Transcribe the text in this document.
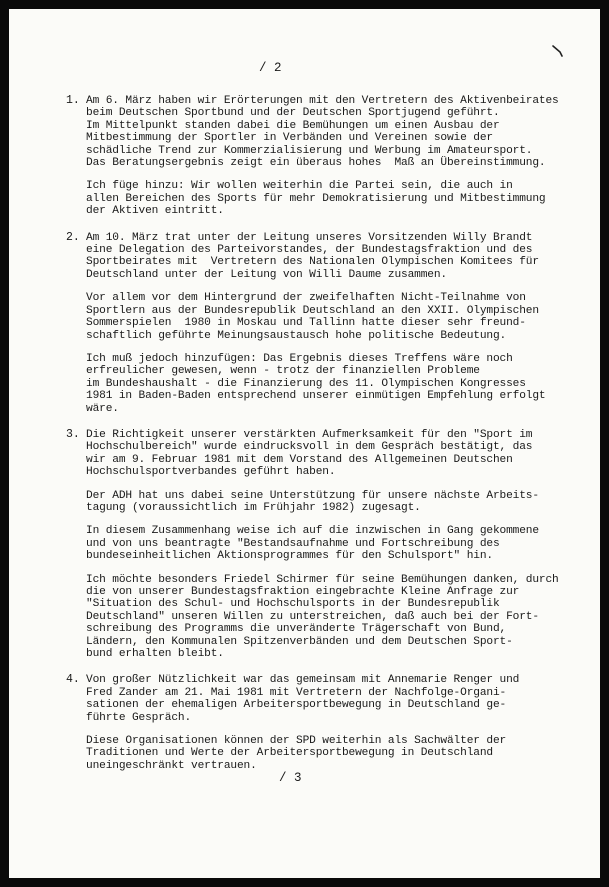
/ 2
1. Am 6. März haben wir Erörterungen mit den Vertretern des Aktivenbeirates
beim Deutschen Sportbund und der Deutschen Sportjugend geführt.
Im Mittelpunkt standen dabei die Bemühungen um einen Ausbau der
Mitbestimmung der Sportler in Verbänden und Vereinen sowie der
schädliche Trend zur Kommerzialisierung und Werbung im Amateursport.
Das Beratungsergebnis zeigt ein überaus hohes  Maß an Übereinstimmung.

Ich füge hinzu: Wir wollen weiterhin die Partei sein, die auch in
allen Bereichen des Sports für mehr Demokratisierung und Mitbestimmung
der Aktiven eintritt.

2. Am 10. März trat unter der Leitung unseres Vorsitzenden Willy Brandt
eine Delegation des Parteivorstandes, der Bundestagsfraktion und des
Sportbeirates mit  Vertretern des Nationalen Olympischen Komitees für
Deutschland unter der Leitung von Willi Daume zusammen.

Vor allem vor dem Hintergrund der zweifelhaften Nicht-Teilnahme von
Sportlern aus der Bundesrepublik Deutschland an den XXII. Olympischen
Sommerspielen  1980 in Moskau und Tallinn hatte dieser sehr freund-
schaftlich geführte Meinungsaustausch hohe politische Bedeutung.

Ich muß jedoch hinzufügen: Das Ergebnis dieses Treffens wäre noch
erfreulicher gewesen, wenn - trotz der finanziellen Probleme
im Bundeshaushalt - die Finanzierung des 11. Olympischen Kongresses
1981 in Baden-Baden entsprechend unserer einmütigen Empfehlung erfolgt
wäre.

3. Die Richtigkeit unserer verstärkten Aufmerksamkeit für den "Sport im
Hochschulbereich" wurde eindrucksvoll in dem Gespräch bestätigt, das
wir am 9. Februar 1981 mit dem Vorstand des Allgemeinen Deutschen
Hochschulsportverbandes geführt haben.

Der ADH hat uns dabei seine Unterstützung für unsere nächste Arbeits-
tagung (voraussichtlich im Frühjahr 1982) zugesagt.

In diesem Zusammenhang weise ich auf die inzwischen in Gang gekommene
und von uns beantragte "Bestandsaufnahme und Fortschreibung des
bundeseinheitlichen Aktionsprogrammes für den Schulsport" hin.

Ich möchte besonders Friedel Schirmer für seine Bemühungen danken, durch
die von unserer Bundestagsfraktion eingebrachte Kleine Anfrage zur
"Situation des Schul- und Hochschulsports in der Bundesrepublik
Deutschland" unseren Willen zu unterstreichen, daß auch bei der Fort-
schreibung des Programms die unveränderte Trägerschaft von Bund,
Ländern, den Kommunalen Spitzenverbänden und dem Deutschen Sport-
bund erhalten bleibt.

4. Von großer Nützlichkeit war das gemeinsam mit Annemarie Renger und
Fred Zander am 21. Mai 1981 mit Vertretern der Nachfolge-Organi-
sationen der ehemaligen Arbeitersportbewegung in Deutschland ge-
führte Gespräch.

Diese Organisationen können der SPD weiterhin als Sachwälter der
Traditionen und Werte der Arbeitersportbewegung in Deutschland
uneingeschränkt vertrauen.

/ 3
